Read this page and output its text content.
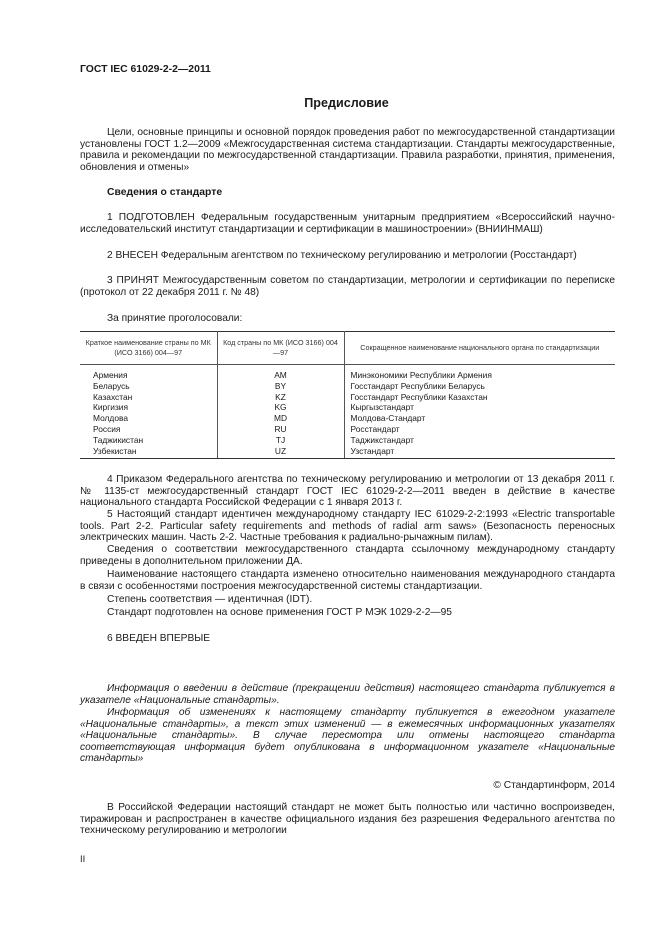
ГОСТ IEC 61029-2-2—2011
Предисловие

Цели, основные принципы и основной порядок проведения работ по межгосударственной стандартизации установлены ГОСТ 1.2—2009 «Межгосударственная система стандартизации. Стандарты межгосударственные, правила и рекомендации по межгосударственной стандартизации. Правила разработки, принятия, применения, обновления и отмены»

Сведения о стандарте

1 ПОДГОТОВЛЕН Федеральным государственным унитарным предприятием «Всероссийский научно-исследовательский институт стандартизации и сертификации в машиностроении» (ВНИИНМАШ)

2 ВНЕСЕН Федеральным агентством по техническому регулированию и метрологии (Росстандарт)

3 ПРИНЯТ Межгосударственным советом по стандартизации, метрологии и сертификации по переписке (протокол от 22 декабря 2011 г. № 48)

За принятие проголосовали:

Краткое наименование страны по МК (ИСО 3166) 004—97	Код страны по МК (ИСО 3166) 004—97	Сокращенное наименование национального органа по стандартизации
Армения	AM	Минэкономики Республики Армения
Беларусь	BY	Госстандарт Республики Беларусь
Казахстан	KZ	Госстандарт Республики Казахстан
Киргизия	KG	Кыргызстандарт
Молдова	MD	Молдова-Стандарт
Россия	RU	Росстандарт
Таджикистан	TJ	Таджикстандарт
Узбекистан	UZ	Узстандарт

4 Приказом Федерального агентства по техническому регулированию и метрологии от 13 декабря 2011 г. № 1135-ст межгосударственный стандарт ГОСТ IEC 61029-2-2—2011 введен в действие в качестве национального стандарта Российской Федерации с 1 января 2013 г.

5 Настоящий стандарт идентичен международному стандарту IEC 61029-2-2:1993 «Electric transportable tools. Part 2-2. Particular safety requirements and methods of radial arm saws» (Безопасность переносных электрических машин. Часть 2-2. Частные требования к радиально-рычажным пилам).

Сведения о соответствии межгосударственного стандарта ссылочному международному стандарту приведены в дополнительном приложении ДА.

Наименование настоящего стандарта изменено относительно наименования международного стандарта в связи с особенностями построения межгосударственной системы стандартизации.

Степень соответствия — идентичная (IDT).

Стандарт подготовлен на основе применения ГОСТ Р МЭК 1029-2-2—95

6 ВВЕДЕН ВПЕРВЫЕ

Информация о введении в действие (прекращении действия) настоящего стандарта публикуется в указателе «Национальные стандарты».

Информация об изменениях к настоящему стандарту публикуется в ежегодном указателе «Национальные стандарты», а текст этих изменений — в ежемесячных информационных указателях «Национальные стандарты». В случае пересмотра или отмены настоящего стандарта соответствующая информация будет опубликована в информационном указателе «Национальные стандарты»

© Стандартинформ, 2014

В Российской Федерации настоящий стандарт не может быть полностью или частично воспроизведен, тиражирован и распространен в качестве официального издания без разрешения Федерального агентства по техническому регулированию и метрологии

II
